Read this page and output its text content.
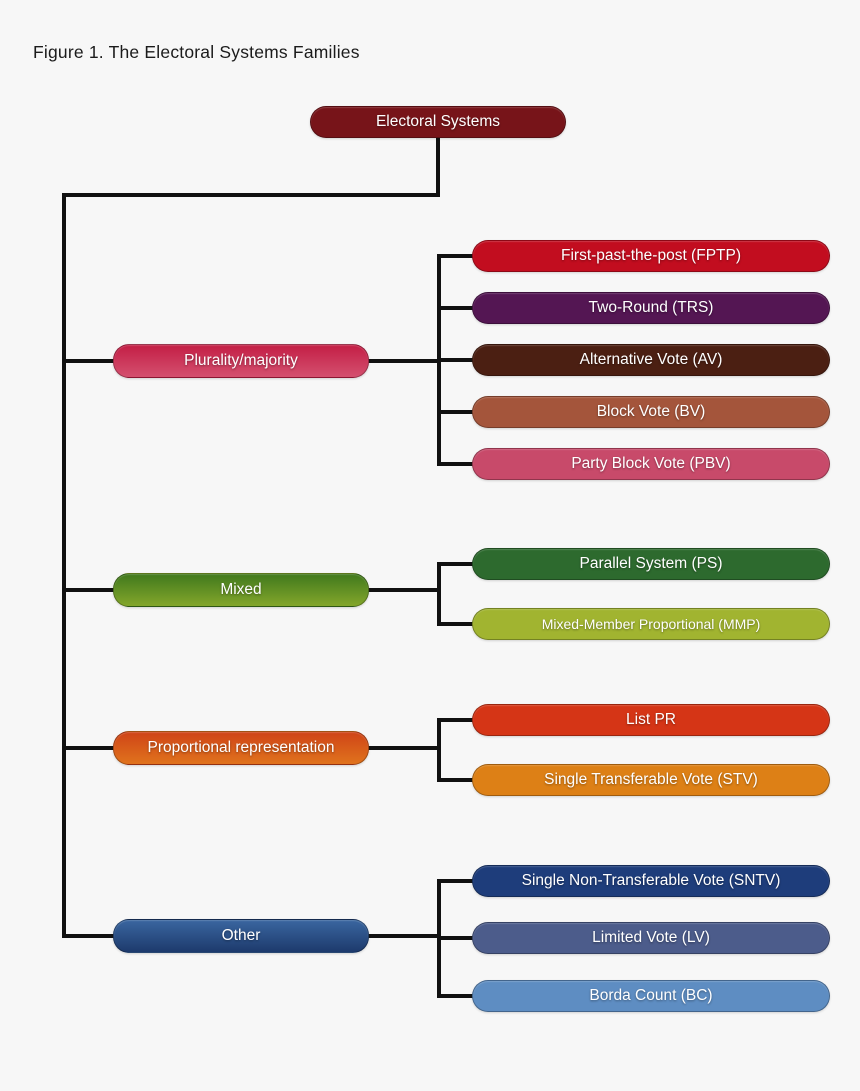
Figure 1. The Electoral Systems Families
Electoral Systems
Plurality/majority
Mixed
Proportional representation
Other
First-past-the-post (FPTP)
Two-Round (TRS)
Alternative Vote (AV)
Block Vote (BV)
Party Block Vote (PBV)
Parallel System (PS)
Mixed-Member Proportional (MMP)
List PR
Single Transferable Vote (STV)
Single Non-Transferable Vote (SNTV)
Limited Vote (LV)
Borda Count (BC)
